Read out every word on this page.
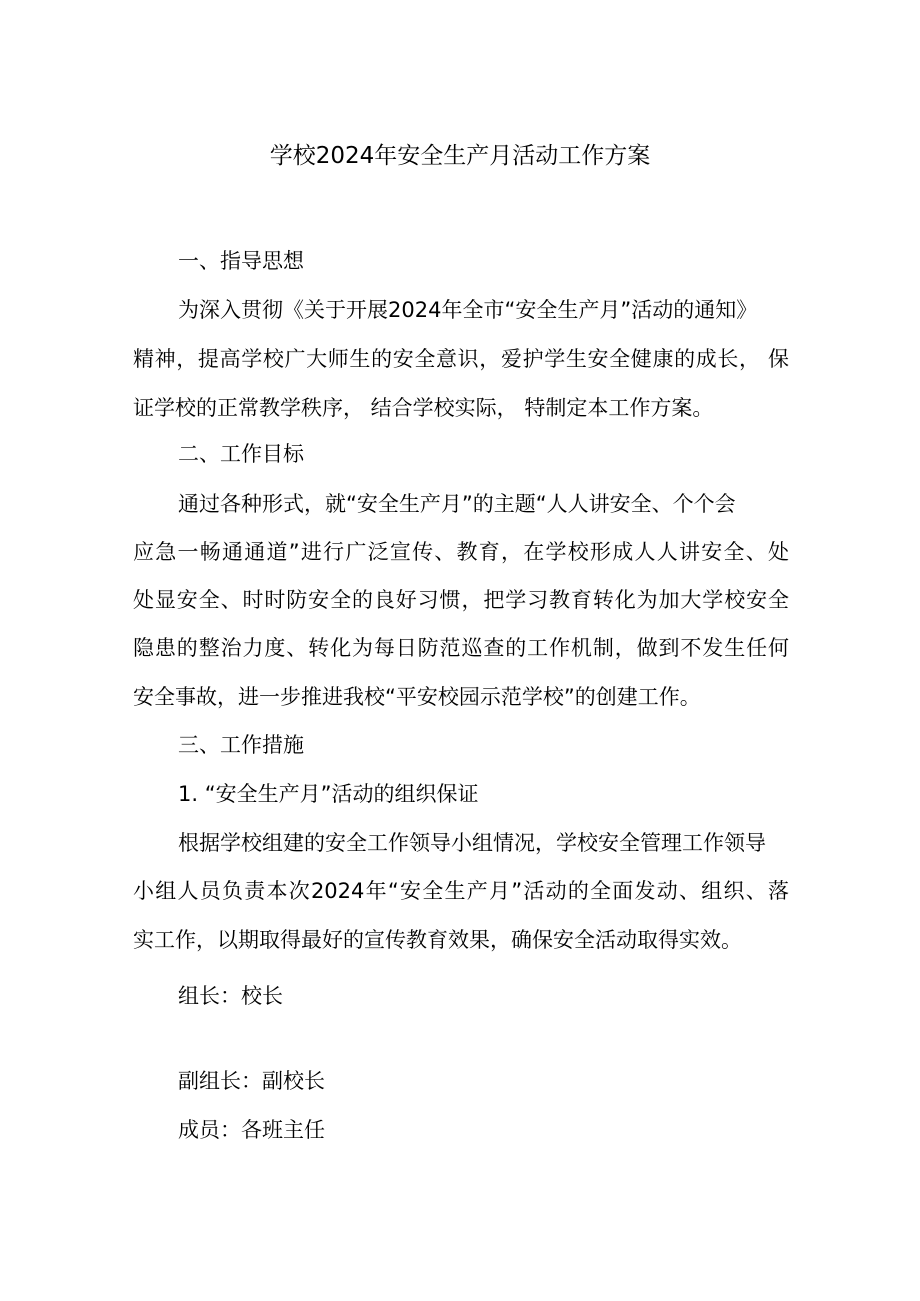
学校2024年安全生产月活动工作方案
一、指导思想
为深入贯彻《关于开展2024年全市“安全生产月”活动的通知》
精神，提高学校广大师生的安全意识，爱护学生安全健康的成长， 保
证学校的正常教学秩序， 结合学校实际， 特制定本工作方案。
二、工作目标
通过各种形式，就“安全生产月”的主题“人人讲安全、个个会
应急一畅通通道”进行广泛宣传、教育，在学校形成人人讲安全、处
处显安全、时时防安全的良好习惯，把学习教育转化为加大学校安全
隐患的整治力度、转化为每日防范巡查的工作机制，做到不发生任何
安全事故，进一步推进我校“平安校园示范学校”的创建工作。
三、工作措施
1. “安全生产月”活动的组织保证
根据学校组建的安全工作领导小组情况，学校安全管理工作领导
小组人员负责本次2024年“安全生产月”活动的全面发动、组织、落
实工作，以期取得最好的宣传教育效果，确保安全活动取得实效。
组长：校长
副组长：副校长
成员：各班主任
